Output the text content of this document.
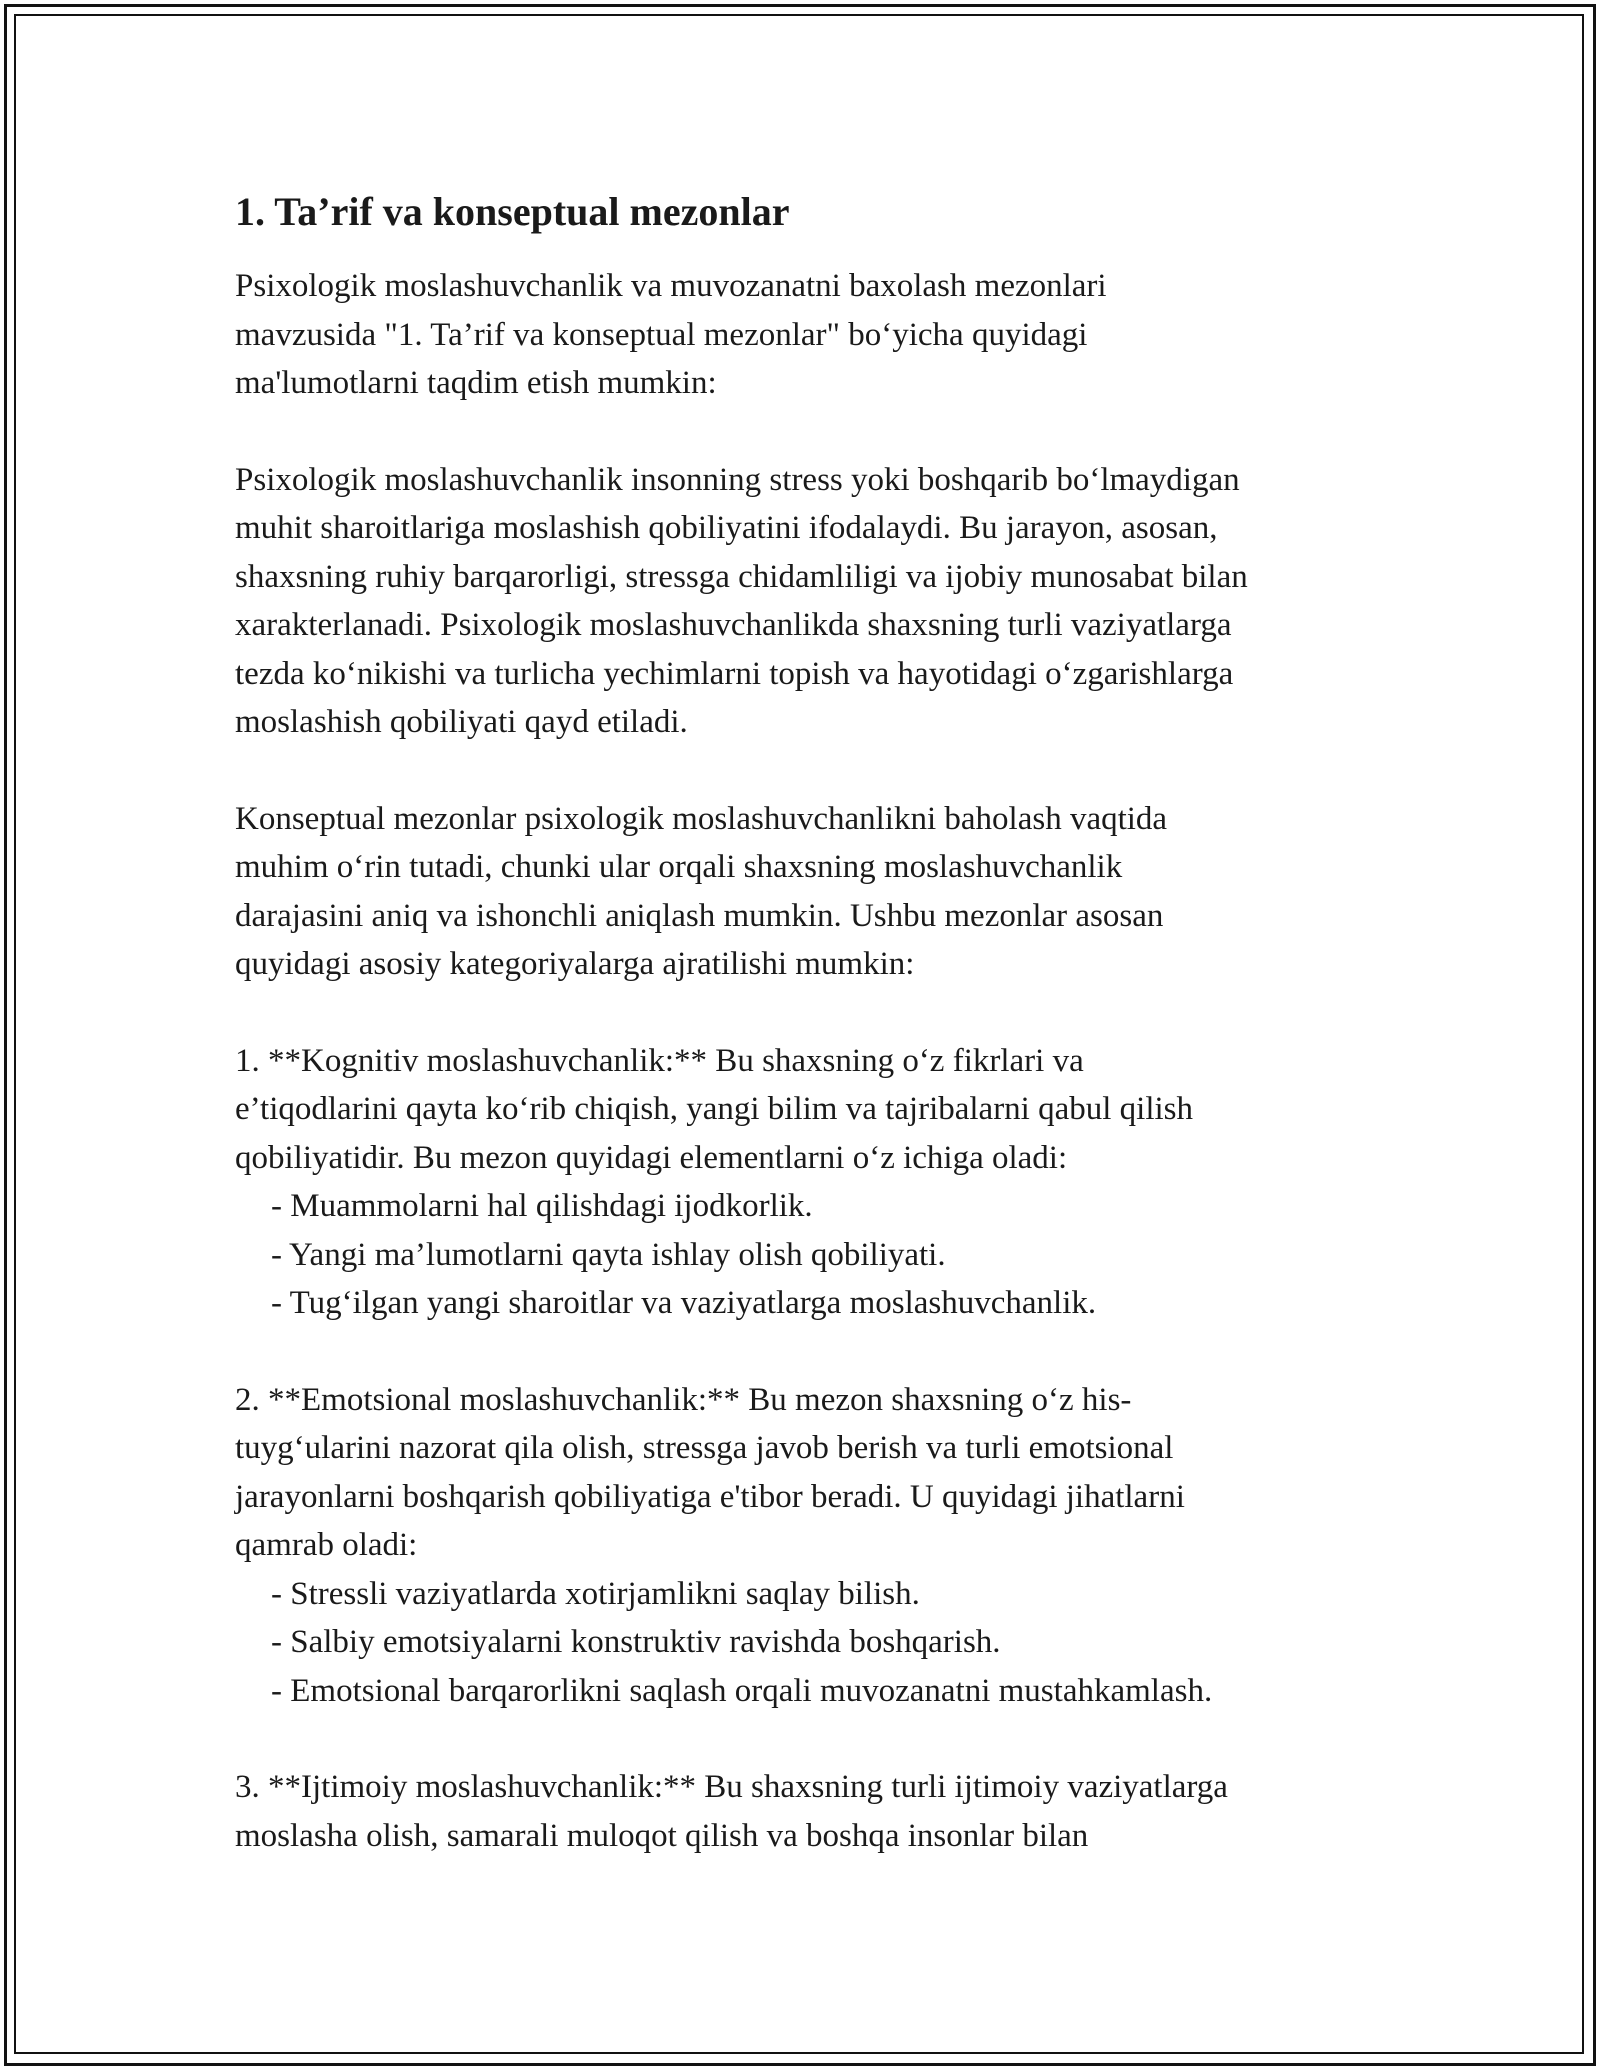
1. Ta’rif va konseptual mezonlar

Psixologik moslashuvchanlik va muvozanatni baxolash mezonlari
mavzusida "1. Ta’rif va konseptual mezonlar" bo‘yicha quyidagi
ma'lumotlarni taqdim etish mumkin:

Psixologik moslashuvchanlik insonning stress yoki boshqarib bo‘lmaydigan
muhit sharoitlariga moslashish qobiliyatini ifodalaydi. Bu jarayon, asosan,
shaxsning ruhiy barqarorligi, stressga chidamliligi va ijobiy munosabat bilan
xarakterlanadi. Psixologik moslashuvchanlikda shaxsning turli vaziyatlarga
tezda ko‘nikishi va turlicha yechimlarni topish va hayotidagi o‘zgarishlarga
moslashish qobiliyati qayd etiladi.

Konseptual mezonlar psixologik moslashuvchanlikni baholash vaqtida
muhim o‘rin tutadi, chunki ular orqali shaxsning moslashuvchanlik
darajasini aniq va ishonchli aniqlash mumkin. Ushbu mezonlar asosan
quyidagi asosiy kategoriyalarga ajratilishi mumkin:

1. **Kognitiv moslashuvchanlik:** Bu shaxsning o‘z fikrlari va
e’tiqodlarini qayta ko‘rib chiqish, yangi bilim va tajribalarni qabul qilish
qobiliyatidir. Bu mezon quyidagi elementlarni o‘z ichiga oladi:
- Muammolarni hal qilishdagi ijodkorlik.
- Yangi ma’lumotlarni qayta ishlay olish qobiliyati.
- Tug‘ilgan yangi sharoitlar va vaziyatlarga moslashuvchanlik.
2. **Emotsional moslashuvchanlik:** Bu mezon shaxsning o‘z his-
tuyg‘ularini nazorat qila olish, stressga javob berish va turli emotsional
jarayonlarni boshqarish qobiliyatiga e'tibor beradi. U quyidagi jihatlarni
qamrab oladi:
- Stressli vaziyatlarda xotirjamlikni saqlay bilish.
- Salbiy emotsiyalarni konstruktiv ravishda boshqarish.
- Emotsional barqarorlikni saqlash orqali muvozanatni mustahkamlash.
3. **Ijtimoiy moslashuvchanlik:** Bu shaxsning turli ijtimoiy vaziyatlarga
moslasha olish, samarali muloqot qilish va boshqa insonlar bilan
